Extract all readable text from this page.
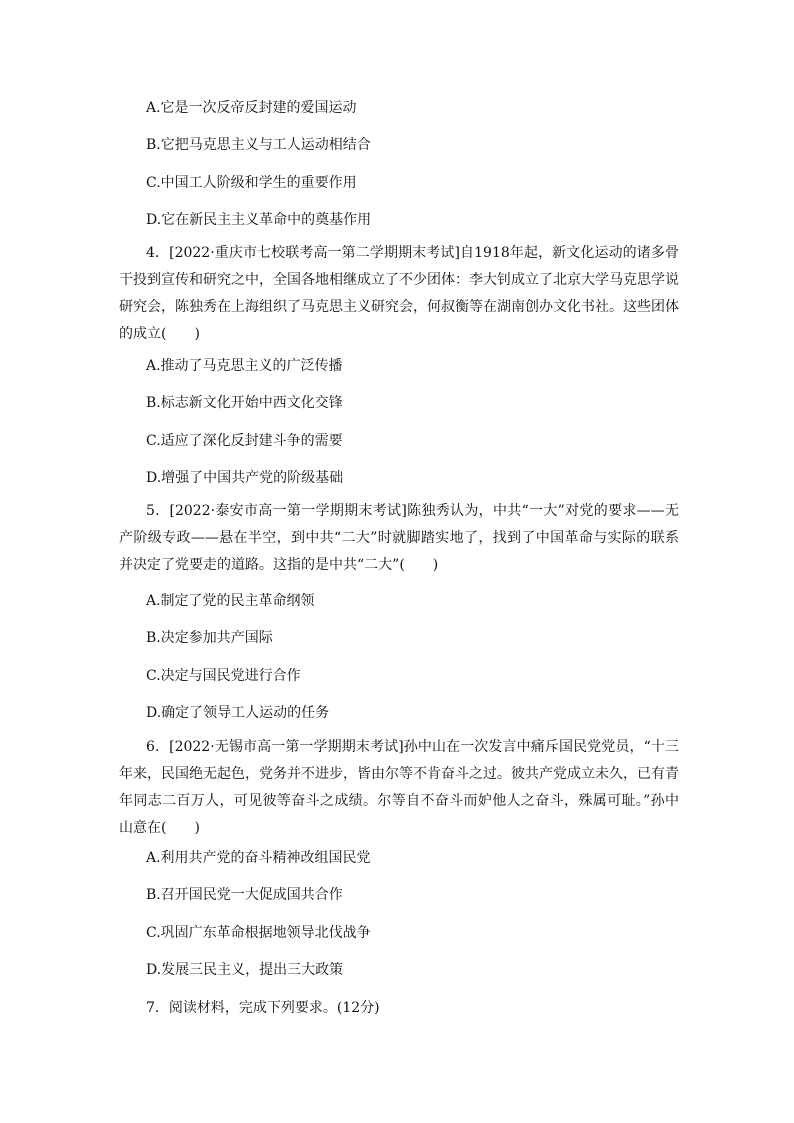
A.它是一次反帝反封建的爱国运动
B.它把马克思主义与工人运动相结合
C.中国工人阶级和学生的重要作用
D.它在新民主主义革命中的奠基作用

4．[2022·重庆市七校联考高一第二学期期末考试]自1918年起，新文化运动的诸多骨干投到宣传和研究之中，全国各地相继成立了不少团体：李大钊成立了北京大学马克思学说研究会，陈独秀在上海组织了马克思主义研究会，何叔衡等在湖南创办文化书社。这些团体的成立(　　)

A.推动了马克思主义的广泛传播
B.标志新文化开始中西文化交锋
C.适应了深化反封建斗争的需要
D.增强了中国共产党的阶级基础

5．[2022·泰安市高一第一学期期末考试]陈独秀认为，中共“一大”对党的要求——无产阶级专政——悬在半空，到中共“二大”时就脚踏实地了，找到了中国革命与实际的联系并决定了党要走的道路。这指的是中共“二大”(　　)

A.制定了党的民主革命纲领
B.决定参加共产国际
C.决定与国民党进行合作
D.确定了领导工人运动的任务

6．[2022·无锡市高一第一学期期末考试]孙中山在一次发言中痛斥国民党党员，“十三年来，民国绝无起色，党务并不进步，皆由尔等不肯奋斗之过。彼共产党成立未久，已有青年同志二百万人，可见彼等奋斗之成绩。尔等自不奋斗而妒他人之奋斗，殊属可耻。”孙中山意在(　　)

A.利用共产党的奋斗精神改组国民党
B.召开国民党一大促成国共合作
C.巩固广东革命根据地领导北伐战争
D.发展三民主义，提出三大政策
7．阅读材料，完成下列要求。(12分)
